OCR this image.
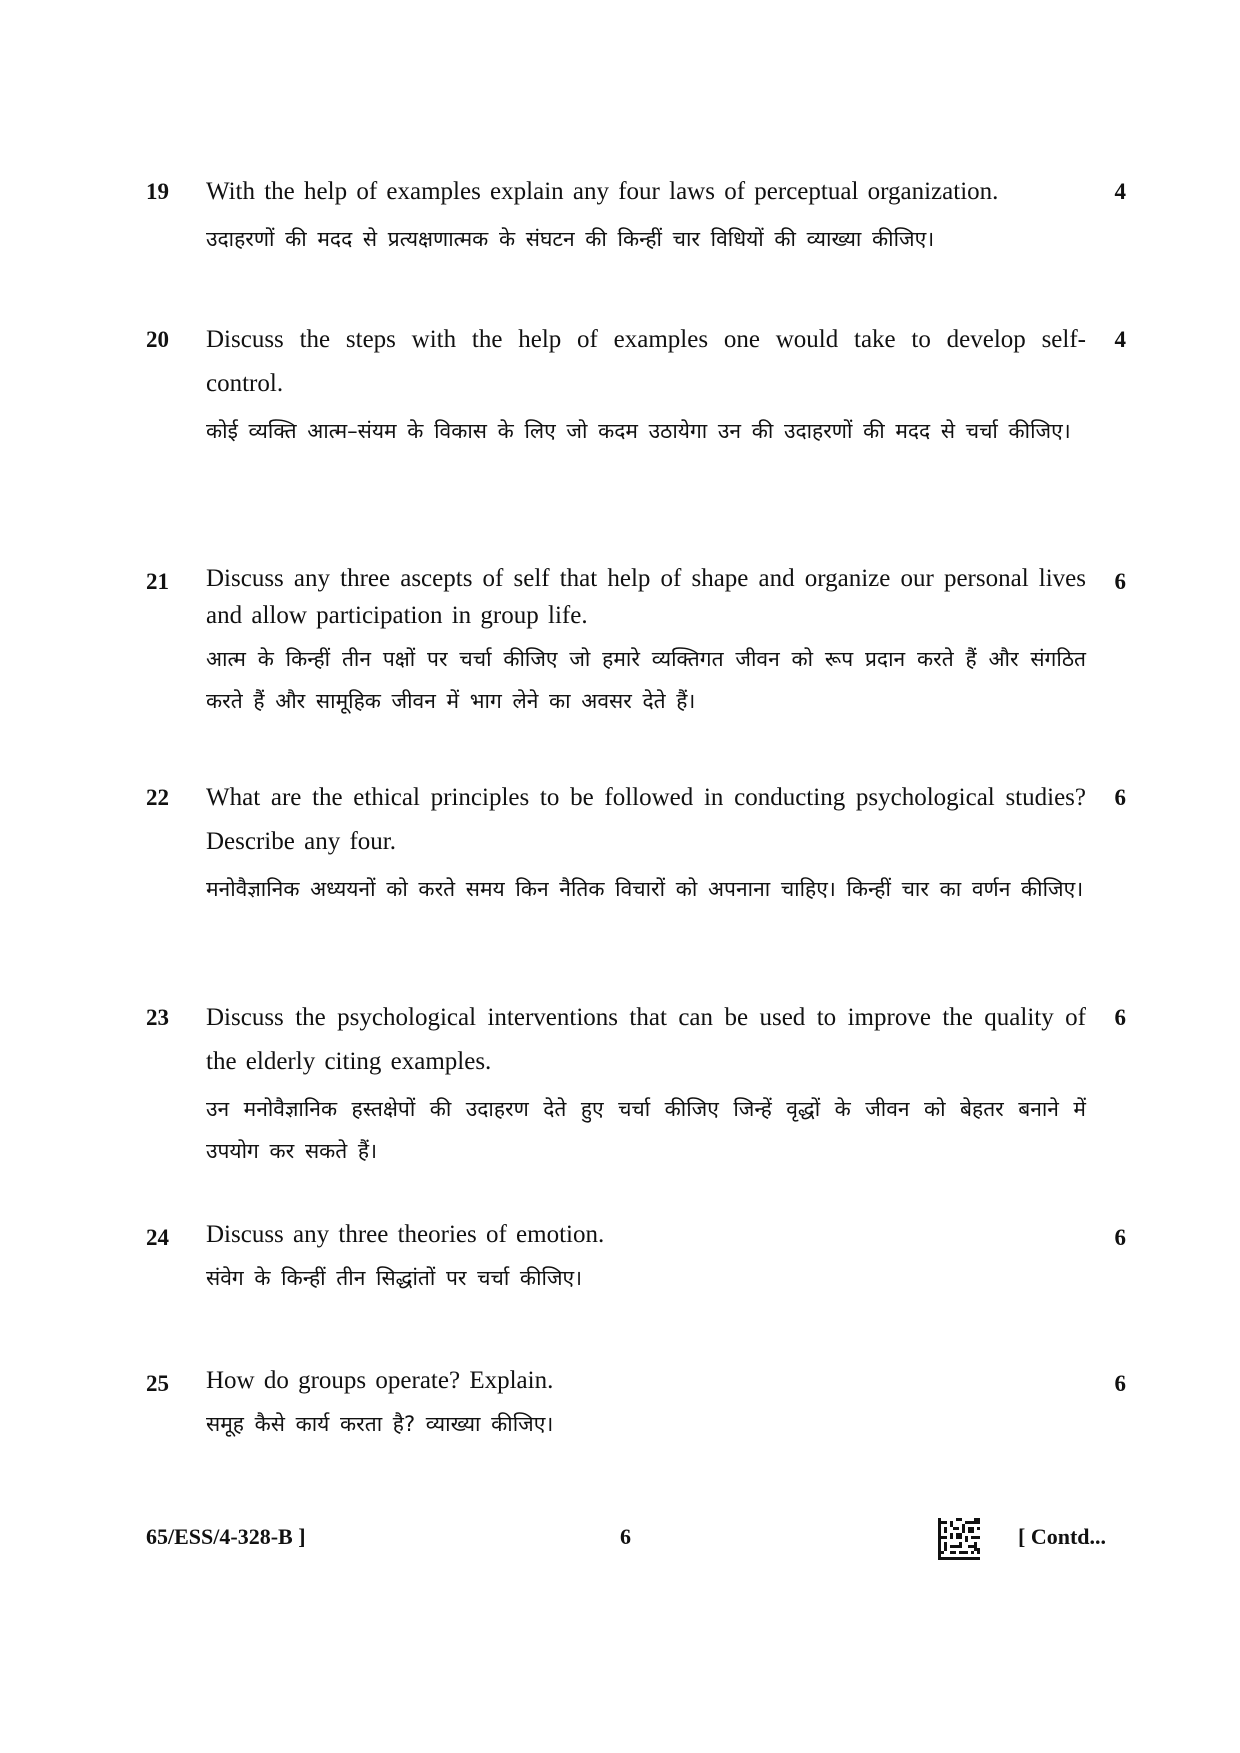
19 With the help of examples explain any four laws of perceptual organization.

उदाहरणों की मदद से प्रत्यक्षणात्मक के संघटन की किन्हीं चार विधियों की व्याख्या कीजिए।

4
20 Discuss the steps with the help of examples one would take to develop self- control.

कोई व्यक्ति आत्म–संयम के विकास के लिए जो कदम उठायेगा उन की उदाहरणों की मदद से चर्चा कीजिए।

4
21 Discuss any three ascepts of self that help of shape and organize our personal lives and allow participation in group life.

आत्म के किन्हीं तीन पक्षों पर चर्चा कीजिए जो हमारे व्यक्तिगत जीवन को रूप प्रदान करते हैं और संगठित करते हैं और सामूहिक जीवन में भाग लेने का अवसर देते हैं।

6
22 What are the ethical principles to be followed in conducting psychological studies? Describe any four.

मनोवैज्ञानिक अध्ययनों को करते समय किन नैतिक विचारों को अपनाना चाहिए। किन्हीं चार का वर्णन कीजिए।

6
23 Discuss the psychological interventions that can be used to improve the quality of the elderly citing examples.

उन मनोवैज्ञानिक हस्तक्षेपों की उदाहरण देते हुए चर्चा कीजिए जिन्हें वृद्धों के जीवन को बेहतर बनाने में उपयोग कर सकते हैं।

6
24 Discuss any three theories of emotion.

संवेग के किन्हीं तीन सिद्धांतों पर चर्चा कीजिए।

6
25 How do groups operate? Explain.

समूह कैसे कार्य करता है? व्याख्या कीजिए।

6
65/ESS/4-328-B ]	6	[ Contd...
